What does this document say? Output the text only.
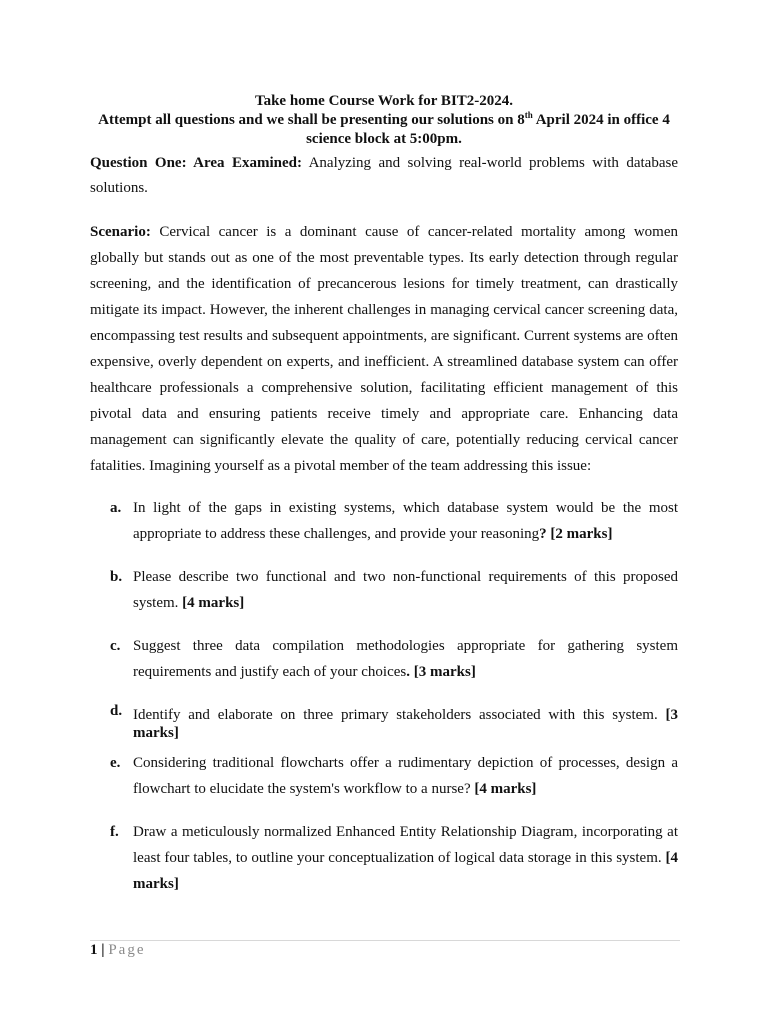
Take home Course Work for BIT2-2024.

Attempt all questions and we shall be presenting our solutions on 8th April 2024 in office 4 science block at 5:00pm.

Question One: Area Examined: Analyzing and solving real-world problems with database solutions.

Scenario: Cervical cancer is a dominant cause of cancer-related mortality among women globally but stands out as one of the most preventable types. Its early detection through regular screening, and the identification of precancerous lesions for timely treatment, can drastically mitigate its impact. However, the inherent challenges in managing cervical cancer screening data, encompassing test results and subsequent appointments, are significant. Current systems are often expensive, overly dependent on experts, and inefficient. A streamlined database system can offer healthcare professionals a comprehensive solution, facilitating efficient management of this pivotal data and ensuring patients receive timely and appropriate care. Enhancing data management can significantly elevate the quality of care, potentially reducing cervical cancer fatalities. Imagining yourself as a pivotal member of the team addressing this issue:

a. In light of the gaps in existing systems, which database system would be the most appropriate to address these challenges, and provide your reasoning? [2 marks]
b. Please describe two functional and two non-functional requirements of this proposed system. [4 marks]
c. Suggest three data compilation methodologies appropriate for gathering system requirements and justify each of your choices. [3 marks]
d. Identify and elaborate on three primary stakeholders associated with this system. [3 marks]
e. Considering traditional flowcharts offer a rudimentary depiction of processes, design a flowchart to elucidate the system's workflow to a nurse? [4 marks]
f. Draw a meticulously normalized Enhanced Entity Relationship Diagram, incorporating at least four tables, to outline your conceptualization of logical data storage in this system. [4 marks]
1 | Page
